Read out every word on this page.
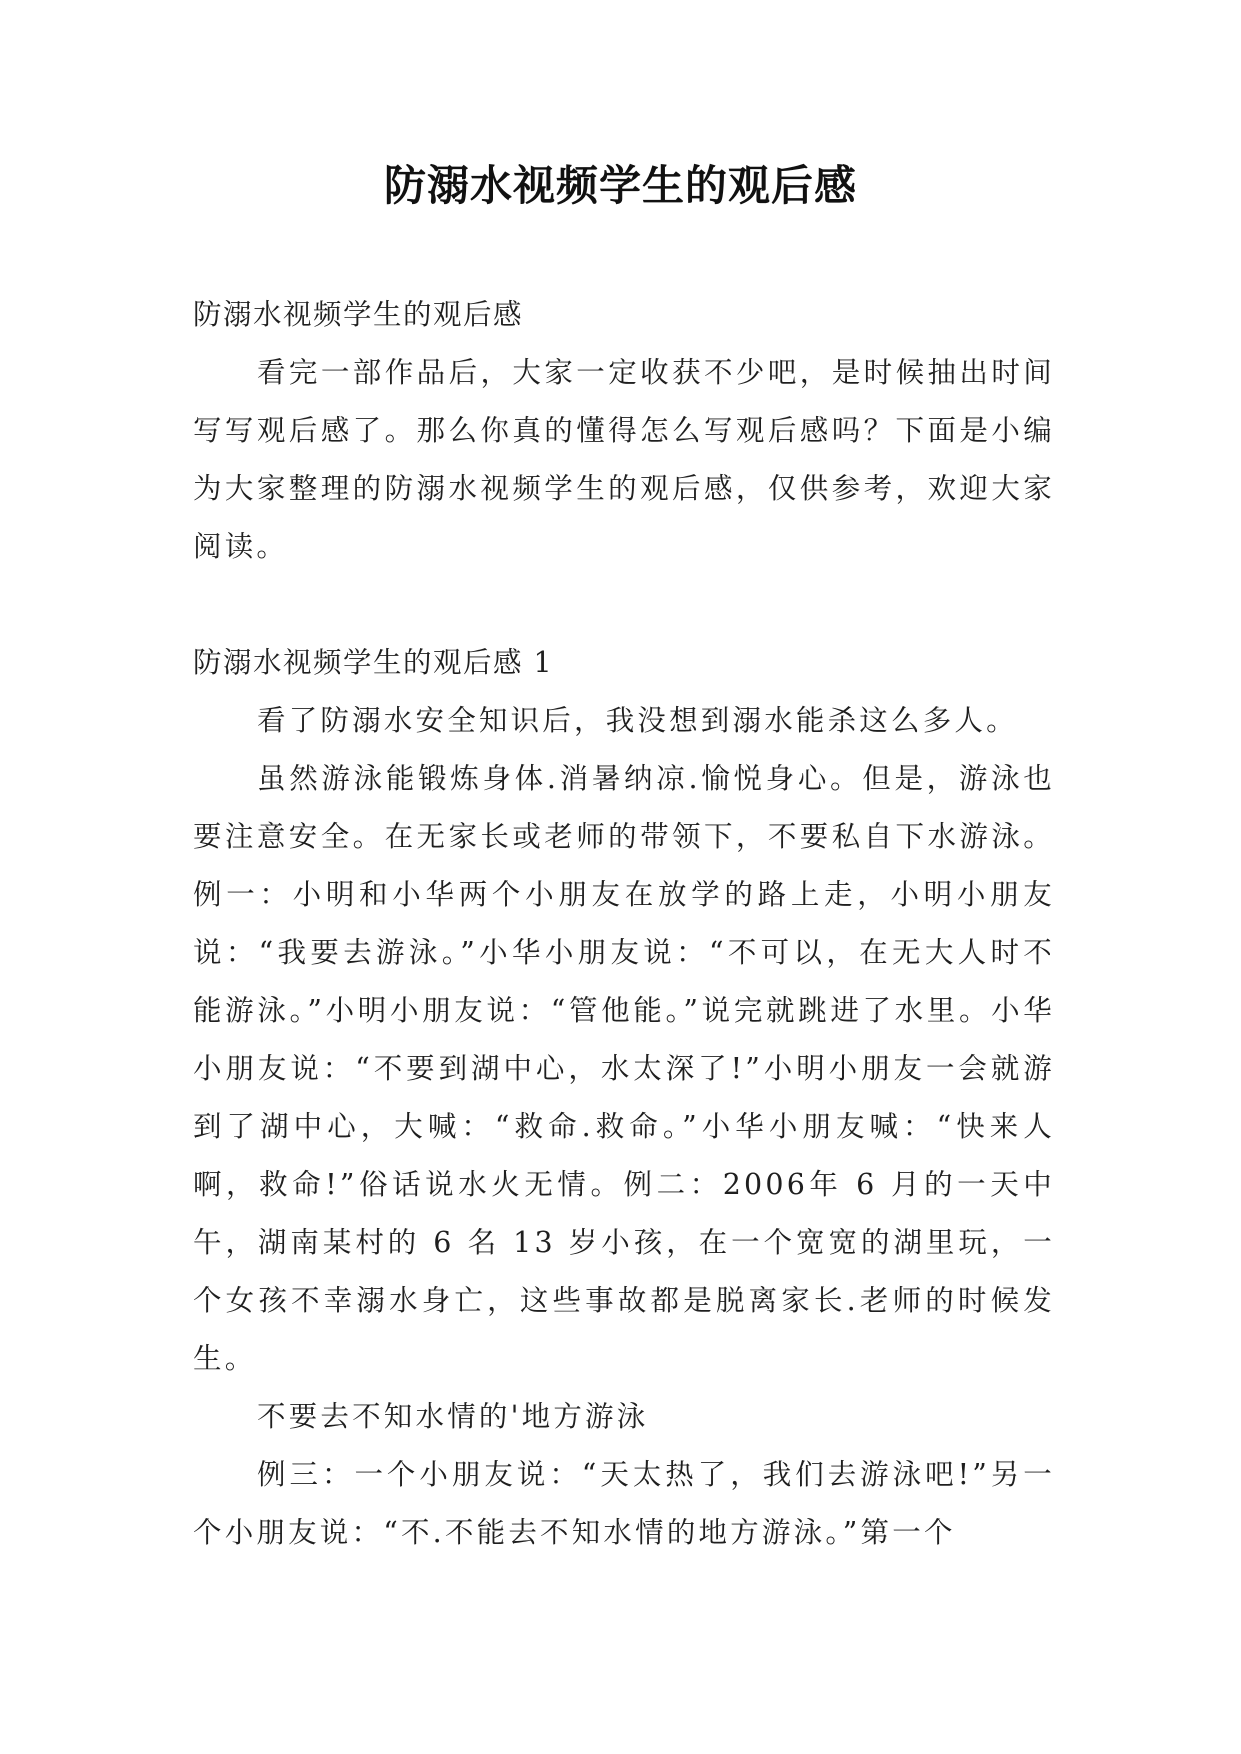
防溺水视频学生的观后感

防溺水视频学生的观后感

看完一部作品后，大家一定收获不少吧，是时候抽出时间写写观后感了。那么你真的懂得怎么写观后感吗？下面是小编为大家整理的防溺水视频学生的观后感，仅供参考，欢迎大家阅读。

防溺水视频学生的观后感 1

看了防溺水安全知识后，我没想到溺水能杀这么多人。

虽然游泳能锻炼身体.消暑纳凉.愉悦身心。但是，游泳也要注意安全。在无家长或老师的带领下，不要私自下水游泳。例一：小明和小华两个小朋友在放学的路上走，小明小朋友说：“我要去游泳。”小华小朋友说：“不可以，在无大人时不能游泳。”小明小朋友说：“管他能。”说完就跳进了水里。小华小朋友说：“不要到湖中心，水太深了!”小明小朋友一会就游到了湖中心，大喊：“救命.救命。”小华小朋友喊：“快来人啊，救命!”俗话说水火无情。例二：2006年 6 月的一天中午，湖南某村的 6 名 13 岁小孩，在一个宽宽的湖里玩，一个女孩不幸溺水身亡，这些事故都是脱离家长.老师的时候发生。

不要去不知水情的'地方游泳

例三：一个小朋友说：“天太热了，我们去游泳吧!”另一个小朋友说：“不.不能去不知水情的地方游泳。”第一个
